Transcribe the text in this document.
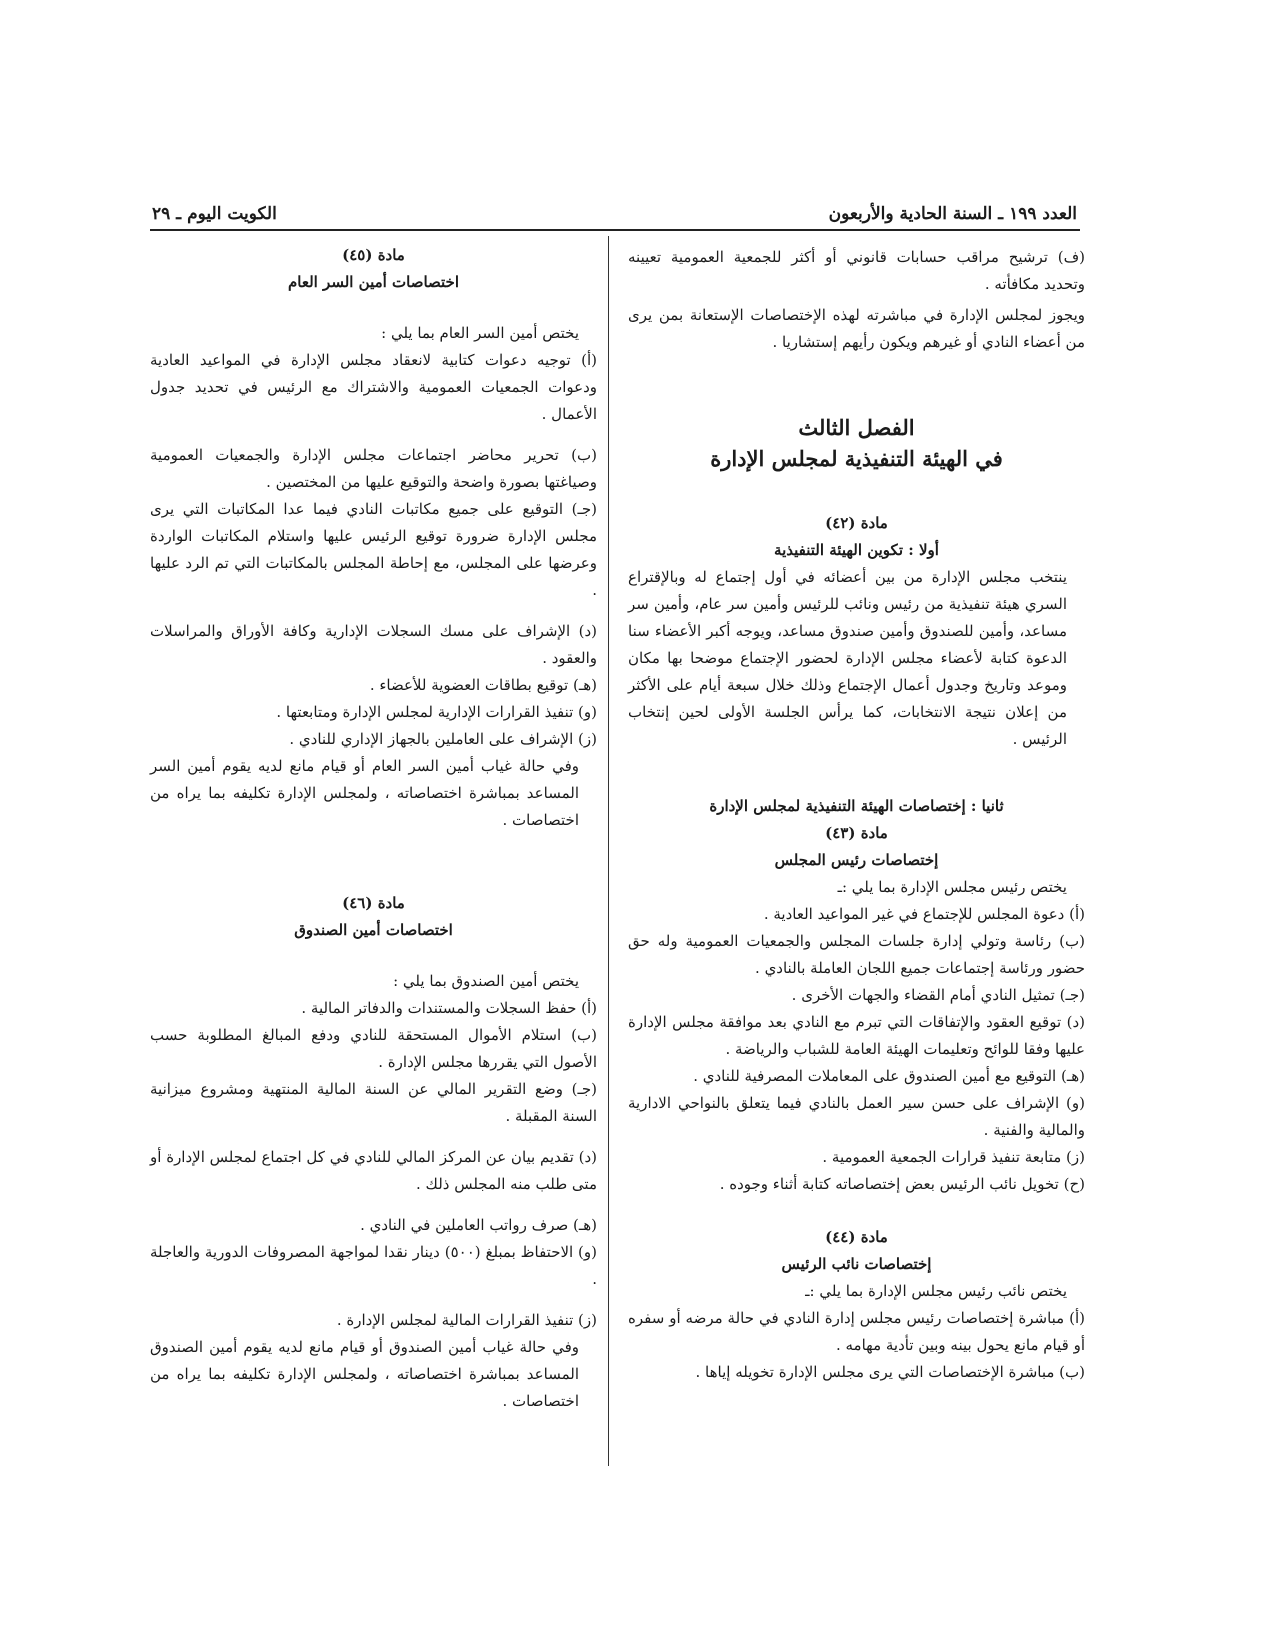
العدد ١٩٩ ـ السنة الحادية والأربعون
الكويت اليوم ـ ٢٩

(ف) ترشيح مراقب حسابات قانوني أو أكثر للجمعية العمومية تعيينه وتحديد مكافأته .

ويجوز لمجلس الإدارة في مباشرته لهذه الإختصاصات الإستعانة بمن يرى من أعضاء النادي أو غيرهم ويكون رأيهم إستشاريا .

الفصل الثالث

في الهيئة التنفيذية لمجلس الإدارة

مادة (٤٢)

أولا : تكوين الهيئة التنفيذية

ينتخب مجلس الإدارة من بين أعضائه في أول إجتماع له وبالإقتراع السري هيئة تنفيذية من رئيس ونائب للرئيس وأمين سر عام، وأمين سر مساعد، وأمين للصندوق وأمين صندوق مساعد، ويوجه أكبر الأعضاء سنا الدعوة كتابة لأعضاء مجلس الإدارة لحضور الإجتماع موضحا بها مكان وموعد وتاريخ وجدول أعمال الإجتماع وذلك خلال سبعة أيام على الأكثر من إعلان نتيجة الانتخابات، كما يرأس الجلسة الأولى لحين إنتخاب الرئيس .

ثانيا : إختصاصات الهيئة التنفيذية لمجلس الإدارة

مادة (٤٣)

إختصاصات رئيس المجلس

يختص رئيس مجلس الإدارة بما يلي :ـ

(أ) دعوة المجلس للإجتماع في غير المواعيد العادية .

(ب) رئاسة وتولي إدارة جلسات المجلس والجمعيات العمومية وله حق حضور ورئاسة إجتماعات جميع اللجان العاملة بالنادي .

(جـ) تمثيل النادي أمام القضاء والجهات الأخرى .

(د) توقيع العقود والإتفاقات التي تبرم مع النادي بعد موافقة مجلس الإدارة عليها وفقا للوائح وتعليمات الهيئة العامة للشباب والرياضة .

(هـ) التوقيع مع أمين الصندوق على المعاملات المصرفية للنادي .

(و) الإشراف على حسن سير العمل بالنادي فيما يتعلق بالنواحي الادارية والمالية والفنية .

(ز) متابعة تنفيذ قرارات الجمعية العمومية .

(ح) تخويل نائب الرئيس بعض إختصاصاته كتابة أثناء وجوده .

مادة (٤٤)

إختصاصات نائب الرئيس

يختص نائب رئيس مجلس الإدارة بما يلي :ـ

(أ) مباشرة إختصاصات رئيس مجلس إدارة النادي في حالة مرضه أو سفره أو قيام مانع يحول بينه وبين تأدية مهامه .

(ب) مباشرة الإختصاصات التي يرى مجلس الإدارة تخويله إياها .

مادة (٤٥)

اختصاصات أمين السر العام

يختص أمين السر العام بما يلي :

(أ) توجيه دعوات كتابية لانعقاد مجلس الإدارة في المواعيد العادية ودعوات الجمعيات العمومية والاشتراك مع الرئيس في تحديد جدول الأعمال .

(ب) تحرير محاضر اجتماعات مجلس الإدارة والجمعيات العمومية وصياغتها بصورة واضحة والتوقيع عليها من المختصين .

(جـ) التوقيع على جميع مكاتبات النادي فيما عدا المكاتبات التي يرى مجلس الإدارة ضرورة توقيع الرئيس عليها واستلام المكاتبات الواردة وعرضها على المجلس، مع إحاطة المجلس بالمكاتبات التي تم الرد عليها .

(د) الإشراف على مسك السجلات الإدارية وكافة الأوراق والمراسلات والعقود .

(هـ) توقيع بطاقات العضوية للأعضاء .

(و) تنفيذ القرارات الإدارية لمجلس الإدارة ومتابعتها .

(ز) الإشراف على العاملين بالجهاز الإداري للنادي .

وفي حالة غياب أمين السر العام أو قيام مانع لديه يقوم أمين السر المساعد بمباشرة اختصاصاته ، ولمجلس الإدارة تكليفه بما يراه من اختصاصات .

مادة (٤٦)

اختصاصات أمين الصندوق

يختص أمين الصندوق بما يلي :

(أ) حفظ السجلات والمستندات والدفاتر المالية .

(ب) استلام الأموال المستحقة للنادي ودفع المبالغ المطلوبة حسب الأصول التي يقررها مجلس الإدارة .

(جـ) وضع التقرير المالي عن السنة المالية المنتهية ومشروع ميزانية السنة المقبلة .

(د) تقديم بيان عن المركز المالي للنادي في كل اجتماع لمجلس الإدارة أو متى طلب منه المجلس ذلك .

(هـ) صرف رواتب العاملين في النادي .

(و) الاحتفاظ بمبلغ (٥٠٠) دينار نقدا لمواجهة المصروفات الدورية والعاجلة .

(ز) تنفيذ القرارات المالية لمجلس الإدارة .

وفي حالة غياب أمين الصندوق أو قيام مانع لديه يقوم أمين الصندوق المساعد بمباشرة اختصاصاته ، ولمجلس الإدارة تكليفه بما يراه من اختصاصات .
